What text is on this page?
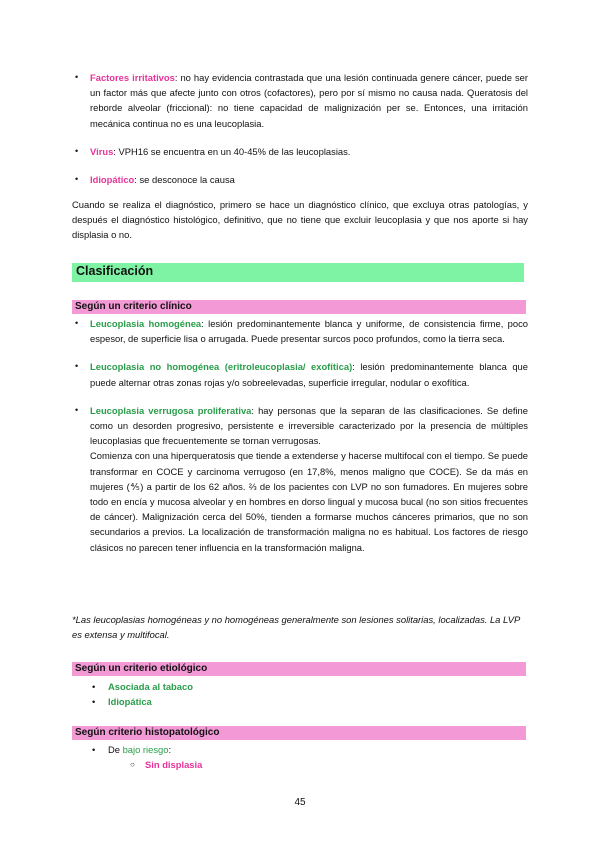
• Factores irritativos: no hay evidencia contrastada que una lesión continuada genere cáncer, puede ser un factor más que afecte junto con otros (cofactores), pero por sí mismo no causa nada. Queratosis del reborde alveolar (friccional): no tiene capacidad de malignización per se. Entonces, una irritación mecánica continua no es una leucoplasia.
• Virus: VPH16 se encuentra en un 40-45% de las leucoplasias.
• Idiopático: se desconoce la causa

Cuando se realiza el diagnóstico, primero se hace un diagnóstico clínico, que excluya otras patologías, y después el diagnóstico histológico, definitivo, que no tiene que excluir leucoplasia y que nos aporte si hay displasia o no.

Clasificación
Según un criterio clínico
• Leucoplasia homogénea: lesión predominantemente blanca y uniforme, de consistencia firme, poco espesor, de superficie lisa o arrugada. Puede presentar surcos poco profundos, como la tierra seca.
• Leucoplasia no homogénea (eritroleucoplasia/ exofítica): lesión predominantemente blanca que puede alternar otras zonas rojas y/o sobreelevadas, superficie irregular, nodular o exofítica.
• Leucoplasia verrugosa proliferativa: hay personas que la separan de las clasificaciones. Se define como un desorden progresivo, persistente e irreversible caracterizado por la presencia de múltiples leucoplasias que frecuentemente se tornan verrugosas.
Comienza con una hiperqueratosis que tiende a extenderse y hacerse multifocal con el tiempo. Se puede transformar en COCE y carcinoma verrugoso (en 17,8%, menos maligno que COCE). Se da más en mujeres (⅘) a partir de los 62 años. ⅔ de los pacientes con LVP no son fumadores. En mujeres sobre todo en encía y mucosa alveolar y en hombres en dorso lingual y mucosa bucal (no son sitios frecuentes de cáncer). Malignización cerca del 50%, tienden a formarse muchos cánceres primarios, que no son secundarios a previos. La localización de transformación maligna no es habitual. Los factores de riesgo clásicos no parecen tener influencia en la transformación maligna.

*Las leucoplasias homogéneas y no homogéneas generalmente son lesiones solitarias, localizadas. La LVP es extensa y multifocal.

Según un criterio etiológico
• Asociada al tabaco
• Idiopática
Según criterio histopatológico
• De bajo riesgo:
○ Sin displasia
45
